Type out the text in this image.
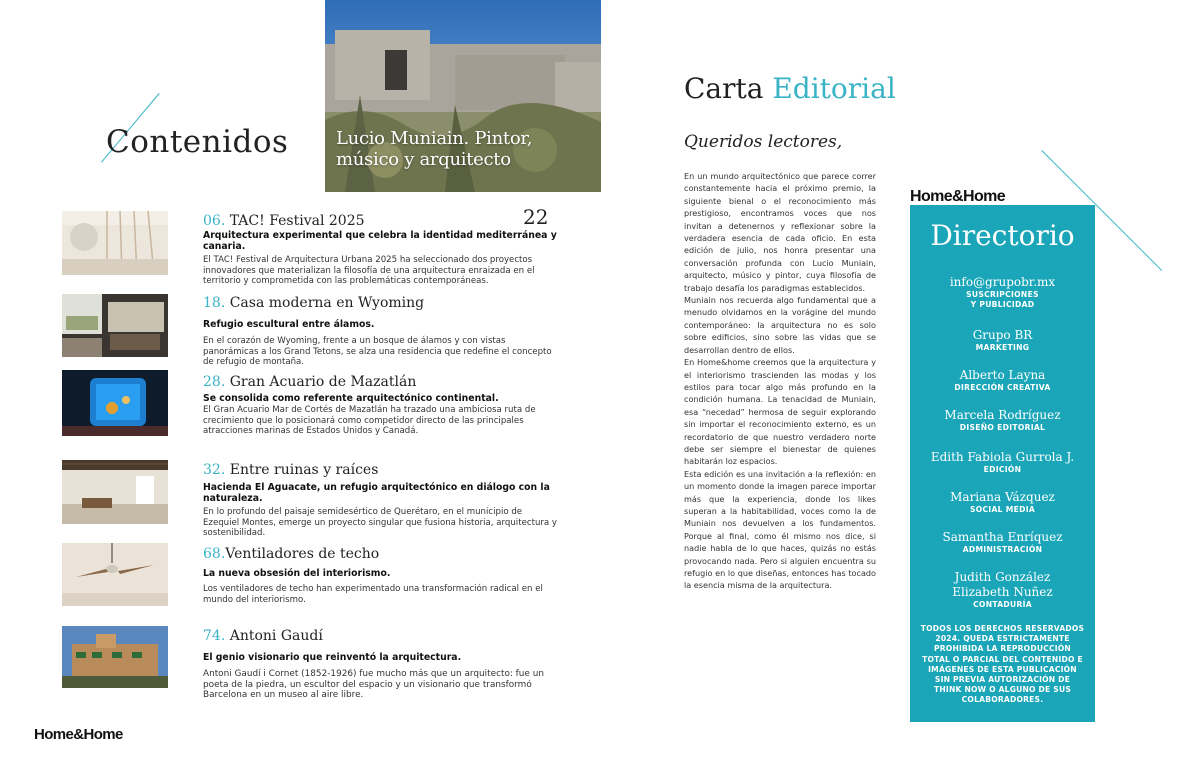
Contenidos	Lucio Muniain. Pintor, músico y arquitecto
22
06. TAC! Festival 2025
Arquitectura experimental que celebra la identidad mediterránea y canaria.
El TAC! Festival de Arquitectura Urbana 2025 ha seleccionado dos proyectos innovadores que materializan la filosofía de una arquitectura enraizada en el territorio y comprometida con las problemáticas contemporáneas.
18. Casa moderna en Wyoming
Refugio escultural entre álamos.
En el corazón de Wyoming, frente a un bosque de álamos y con vistas panorámicas a los Grand Tetons, se alza una residencia que redefine el concepto de refugio de montaña.
28. Gran Acuario de Mazatlán
Se consolida como referente arquitectónico continental.
El Gran Acuario Mar de Cortés de Mazatlán ha trazado una ambiciosa ruta de crecimiento que lo posicionará como competidor directo de las principales atracciones marinas de Estados Unidos y Canadá.
32. Entre ruinas y raíces
Hacienda El Aguacate, un refugio arquitectónico en diálogo con la naturaleza.
En lo profundo del paisaje semidesértico de Querétaro, en el municipio de Ezequiel Montes, emerge un proyecto singular que fusiona historia, arquitectura y sostenibilidad.
68.Ventiladores de techo
La nueva obsesión del interiorismo.
Los ventiladores de techo han experimentado una transformación radical en el mundo del interiorismo.
74. Antoni Gaudí
El genio visionario que reinventó la arquitectura.
Antoni Gaudí i Cornet (1852-1926) fue mucho más que un arquitecto: fue un poeta de la piedra, un escultor del espacio y un visionario que transformó Barcelona en un museo al aire libre.
Home&Home
Carta Editorial
Queridos lectores,

En un mundo arquitectónico que parece correr constantemente hacia el próximo premio, la siguiente bienal o el reconocimiento más prestigioso, encontramos voces que nos invitan a detenernos y reflexionar sobre la verdadera esencia de cada oficio. En esta edición de julio, nos honra presentar una conversación profunda con Lucio Muniain, arquitecto, músico y pintor, cuya filosofía de trabajo desafía los paradigmas establecidos.

Muniain nos recuerda algo fundamental que a menudo olvidamos en la vorágine del mundo contemporáneo: la arquitectura no es solo sobre edificios, sino sobre las vidas que se desarrollan dentro de ellos.

En Home&home creemos que la arquitectura y el interiorismo trascienden las modas y los estilos para tocar algo más profundo en la condición humana. La tenacidad de Muniain, esa “necedad” hermosa de seguir explorando sin importar el reconocimiento externo, es un recordatorio de que nuestro verdadero norte debe ser siempre el bienestar de quienes habitarán loz espacios.

Esta edición es una invitación a la reflexión: en un momento donde la imagen parece importar más que la experiencia, donde los likes superan a la habitabilidad, voces como la de Muniain nos devuelven a los fundamentos. Porque al final, como él mismo nos dice, si nadie habla de lo que haces, quizás no estás provocando nada. Pero si alguien encuentra su refugio en lo que diseñas, entonces has tocado la esencia misma de la arquitectura.

Home&Home
Directorio
info@grupobr.mx
SUSCRIPCIONES
Y PUBLICIDAD
Grupo BR
MARKETING
Alberto Layna
DIRECCIÓN CREATIVA
Marcela Rodríguez
DISEÑO EDITORIAL
Edith Fabiola Gurrola J.
EDICIÓN
Mariana Vázquez
SOCIAL MEDIA
Samantha Enríquez
ADMINISTRACIÓN
Judith González
Elizabeth Nuñez
CONTADURÍA
TODOS LOS DERECHOS RESERVADOS 2024. QUEDA ESTRICTAMENTE PROHIBIDA LA REPRODUCCIÓN TOTAL O PARCIAL DEL CONTENIDO E IMÁGENES DE ESTA PUBLICACIÓN SIN PREVIA AUTORIZACIÓN DE THINK NOW O ALGUNO DE SUS COLABORADORES.
